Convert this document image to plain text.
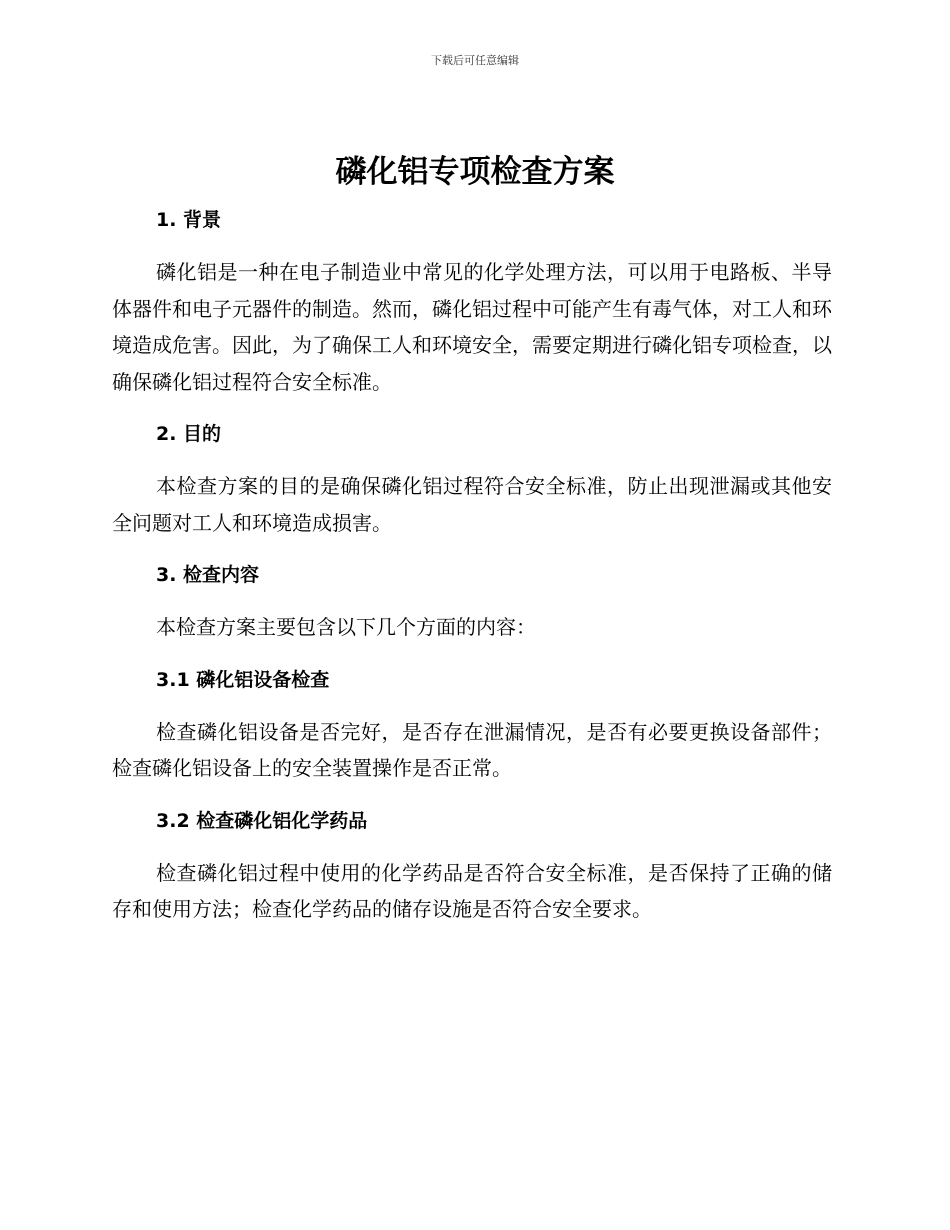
下载后可任意编辑
磷化铝专项检查方案
1. 背景

磷化铝是一种在电子制造业中常见的化学处理方法，可以用于电路板、半导体器件和电子元器件的制造。然而，磷化铝过程中可能产生有毒气体，对工人和环境造成危害。因此，为了确保工人和环境安全，需要定期进行磷化铝专项检查，以确保磷化铝过程符合安全标准。

2. 目的

本检查方案的目的是确保磷化铝过程符合安全标准，防止出现泄漏或其他安全问题对工人和环境造成损害。

3. 检查内容

本检查方案主要包含以下几个方面的内容：

3.1 磷化铝设备检查

检查磷化铝设备是否完好，是否存在泄漏情况，是否有必要更换设备部件；检查磷化铝设备上的安全装置操作是否正常。

3.2 检查磷化铝化学药品

检查磷化铝过程中使用的化学药品是否符合安全标准，是否保持了正确的储存和使用方法；检查化学药品的储存设施是否符合安全要求。
